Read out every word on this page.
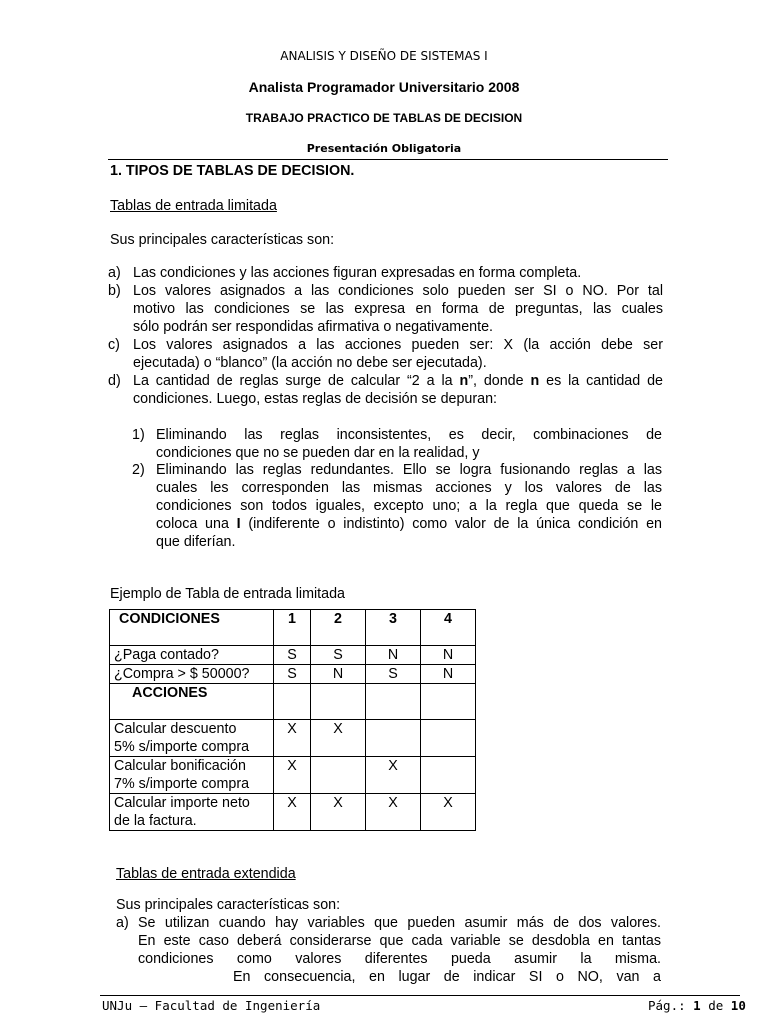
ANALISIS Y DISEÑO DE SISTEMAS I
Analista Programador Universitario 2008
TRABAJO PRACTICO DE TABLAS DE DECISION
Presentación Obligatoria
1. TIPOS DE TABLAS DE DECISION.
Tablas de entrada limitada
Sus principales características son:
a) Las condiciones y las acciones figuran expresadas en forma completa.
b) Los valores asignados a las condiciones solo pueden ser SI o NO. Por tal
motivo las condiciones se las expresa en forma de preguntas, las cuales
sólo podrán ser respondidas afirmativa o negativamente.
c) Los valores asignados a las acciones pueden ser: X (la acción debe ser
ejecutada) o “blanco” (la acción no debe ser ejecutada).
d) La cantidad de reglas surge de calcular “2 a la n”, donde n es la cantidad de
condiciones. Luego, estas reglas de decisión se depuran:
1) Eliminando las reglas inconsistentes, es decir, combinaciones de
condiciones que no se pueden dar en la realidad, y
2) Eliminando las reglas redundantes. Ello se logra fusionando reglas a las
cuales les corresponden las mismas acciones y los valores de las
condiciones son todos iguales, excepto uno; a la regla que queda se le
coloca una I (indiferente o indistinto) como valor de la única condición en
que diferían.
Ejemplo de Tabla de entrada limitada
CONDICIONES	1	2	3	4
¿Paga contado?	S	S	N	N
¿Compra > $ 50000?	S	N	S	N
ACCIONES				
Calcular descuento
5% s/importe compra	X	X		
Calcular bonificación
7% s/importe compra	X		X	
Calcular importe neto
de la factura.	X	X	X	X
Tablas de entrada extendida
Sus principales características son:
a) Se utilizan cuando hay variables que pueden asumir más de dos valores.
En este caso deberá considerarse que cada variable se desdobla en tantas
condiciones como valores diferentes pueda asumir la misma.
En consecuencia, en lugar de indicar SI o NO, van a
UNJu – Facultad de Ingeniería	Pág.: 1 de 10
